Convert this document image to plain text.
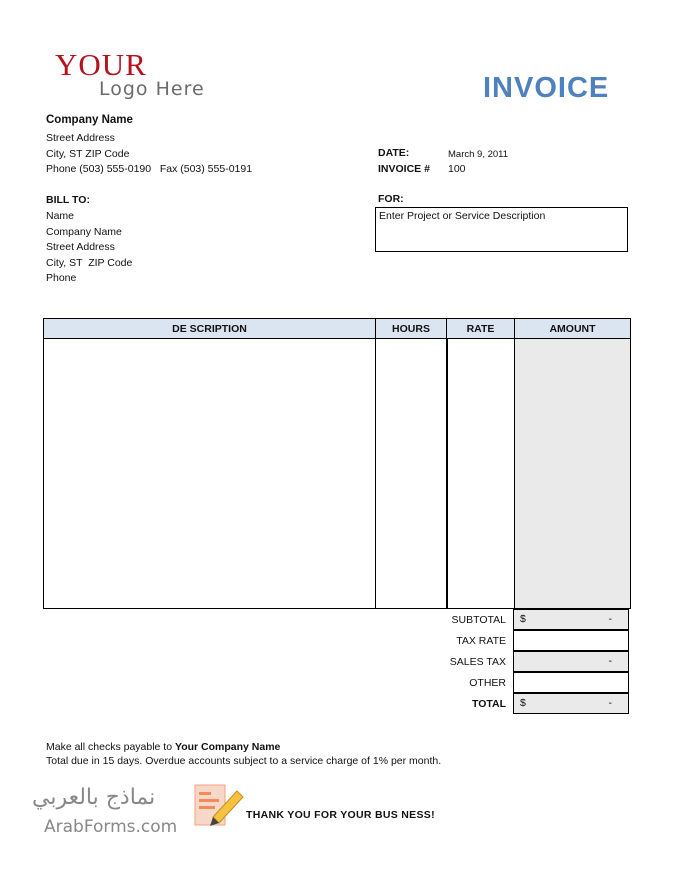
YOUR
Logo Here	INVOICE
Company Name
Street Address
City, ST ZIP Code
Phone (503) 555-0190   Fax (503) 555-0191
DATE:	March 9, 2011
INVOICE # 100
BILL TO:
Name
Company Name
Street Address
City, ST  ZIP Code
Phone
FOR:
Enter Project or Service Description
DE SCRIPTION	HOURS	RATE	AMOUNT

SUBTOTAL $	-
TAX RATE
SALES TAX	-
OTHER
TOTAL $	-
Make all checks payable to Your Company Name
Total due in 15 days. Overdue accounts subject to a service charge of 1% per month.
THANK YOU FOR YOUR BUS NESS!
نماذج بالعربي
ArabForms.com
